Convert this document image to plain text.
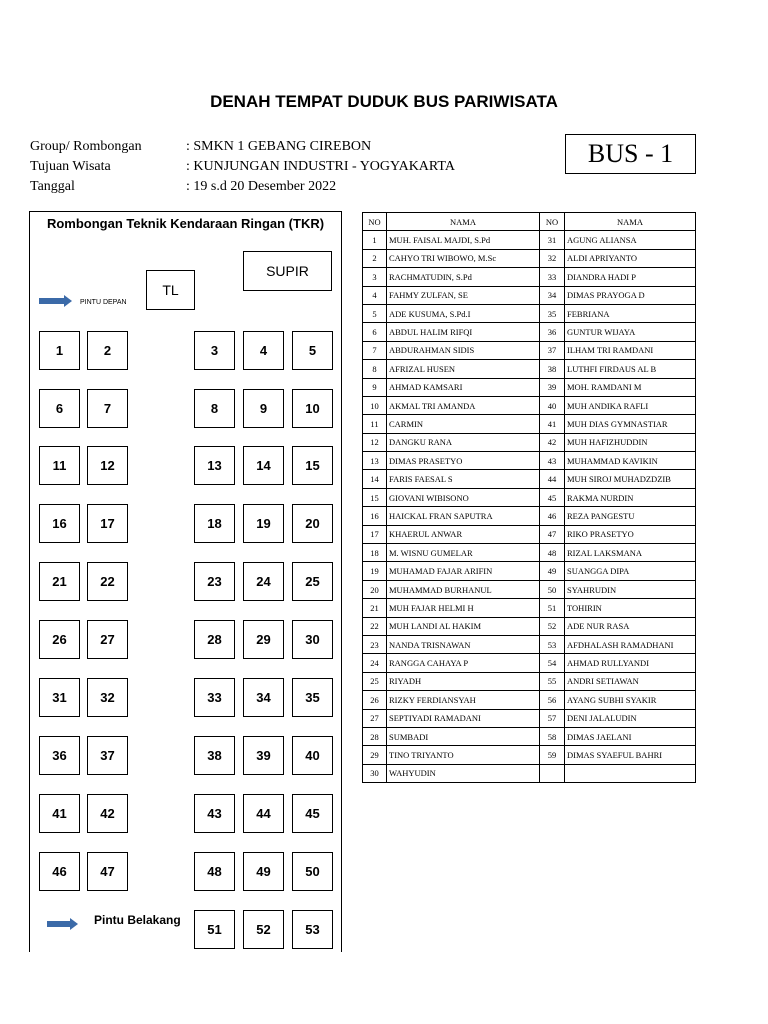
DENAH TEMPAT DUDUK BUS PARIWISATA
Group/ Rombongan	: SMKN 1 GEBANG CIREBON
Tujuan Wisata	: KUNJUNGAN INDUSTRI - YOGYAKARTA
Tanggal	: 19 s.d 20 Desember 2022
BUS - 1
Rombongan Teknik Kendaraan Ringan (TKR)
SUPIR
TL
PINTU DEPAN
Pintu Belakang
1	2	3	4	5
6	7	8	9	10
11	12	13	14	15
16	17	18	19	20
21	22	23	24	25
26	27	28	29	30
31	32	33	34	35
36	37	38	39	40
41	42	43	44	45
46	47	48	49	50
51	52	53
NO	NAMA	NO	NAMA
1	MUH. FAISAL MAJDI, S.Pd	31	AGUNG ALIANSA
2	CAHYO TRI WIBOWO, M.Sc	32	ALDI APRIYANTO
3	RACHMATUDIN, S.Pd	33	DIANDRA HADI P
4	FAHMY ZULFAN, SE	34	DIMAS PRAYOGA D
5	ADE KUSUMA, S.Pd.I	35	FEBRIANA
6	ABDUL HALIM RIFQI	36	GUNTUR WIJAYA
7	ABDURAHMAN SIDIS	37	ILHAM TRI RAMDANI
8	AFRIZAL HUSEN	38	LUTHFI FIRDAUS AL B
9	AHMAD KAMSARI	39	MOH. RAMDANI M
10	AKMAL TRI AMANDA	40	MUH ANDIKA RAFLI
11	CARMIN	41	MUH DIAS GYMNASTIAR
12	DANGKU RANA	42	MUH HAFIZHUDDIN
13	DIMAS PRASETYO	43	MUHAMMAD KAVIKIN
14	FARIS FAESAL S	44	MUH SIROJ MUHADZDZIB
15	GIOVANI WIBISONO	45	RAKMA NURDIN
16	HAICKAL FRAN SAPUTRA	46	REZA PANGESTU
17	KHAERUL ANWAR	47	RIKO PRASETYO
18	M. WISNU GUMELAR	48	RIZAL LAKSMANA
19	MUHAMAD FAJAR ARIFIN	49	SUANGGA DIPA
20	MUHAMMAD BURHANUL	50	SYAHRUDIN
21	MUH FAJAR HELMI H	51	TOHIRIN
22	MUH LANDI AL HAKIM	52	ADE NUR RASA
23	NANDA TRISNAWAN	53	AFDHALASH RAMADHANI
24	RANGGA CAHAYA P	54	AHMAD RULLYANDI
25	RIYADH	55	ANDRI SETIAWAN
26	RIZKY FERDIANSYAH	56	AYANG SUBHI SYAKIR
27	SEPTIYADI RAMADANI	57	DENI JALALUDIN
28	SUMBADI	58	DIMAS JAELANI
29	TINO TRIYANTO	59	DIMAS SYAEFUL BAHRI
30	WAHYUDIN		
